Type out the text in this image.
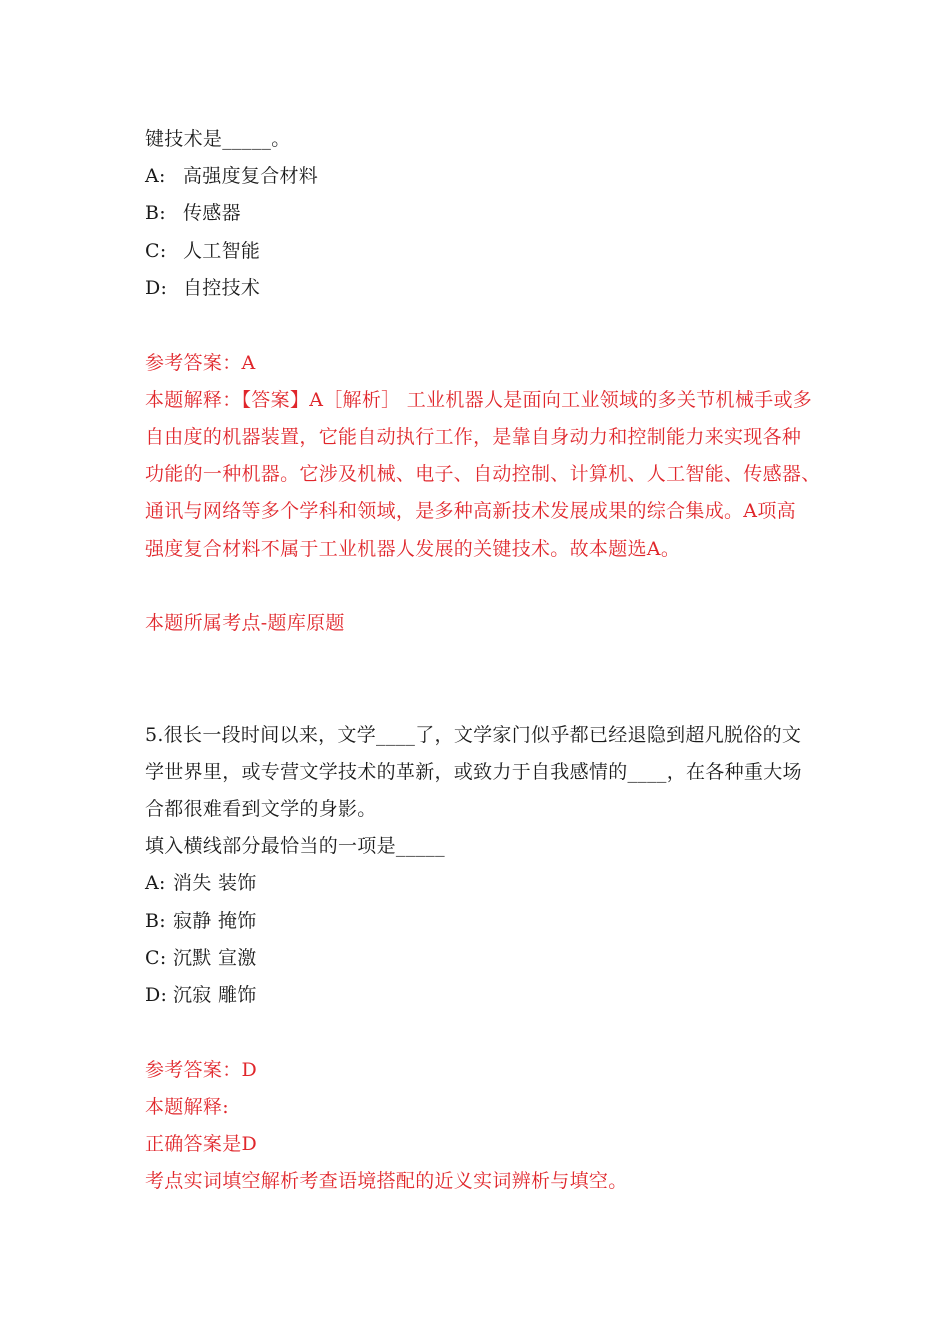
键技术是_____。
A: 高强度复合材料
B: 传感器
C: 人工智能
D: 自控技术
参考答案：A
本题解释：【答案】A［解析］ 工业机器人是面向工业领域的多关节机械手或多
自由度的机器装置，它能自动执行工作，是靠自身动力和控制能力来实现各种
功能的一种机器。它涉及机械、电子、自动控制、计算机、人工智能、传感器、
通讯与网络等多个学科和领域，是多种高新技术发展成果的综合集成。A项高
强度复合材料不属于工业机器人发展的关键技术。故本题选A。
本题所属考点-题库原题
5.很长一段时间以来，文学____了，文学家门似乎都已经退隐到超凡脱俗的文
学世界里，或专营文学技术的革新，或致力于自我感情的____，在各种重大场
合都很难看到文学的身影。
填入横线部分最恰当的一项是_____
A: 消失 装饰
B: 寂静 掩饰
C: 沉默 宣激
D: 沉寂 雕饰
参考答案：D
本题解释:
正确答案是D
考点实词填空解析考查语境搭配的近义实词辨析与填空。
